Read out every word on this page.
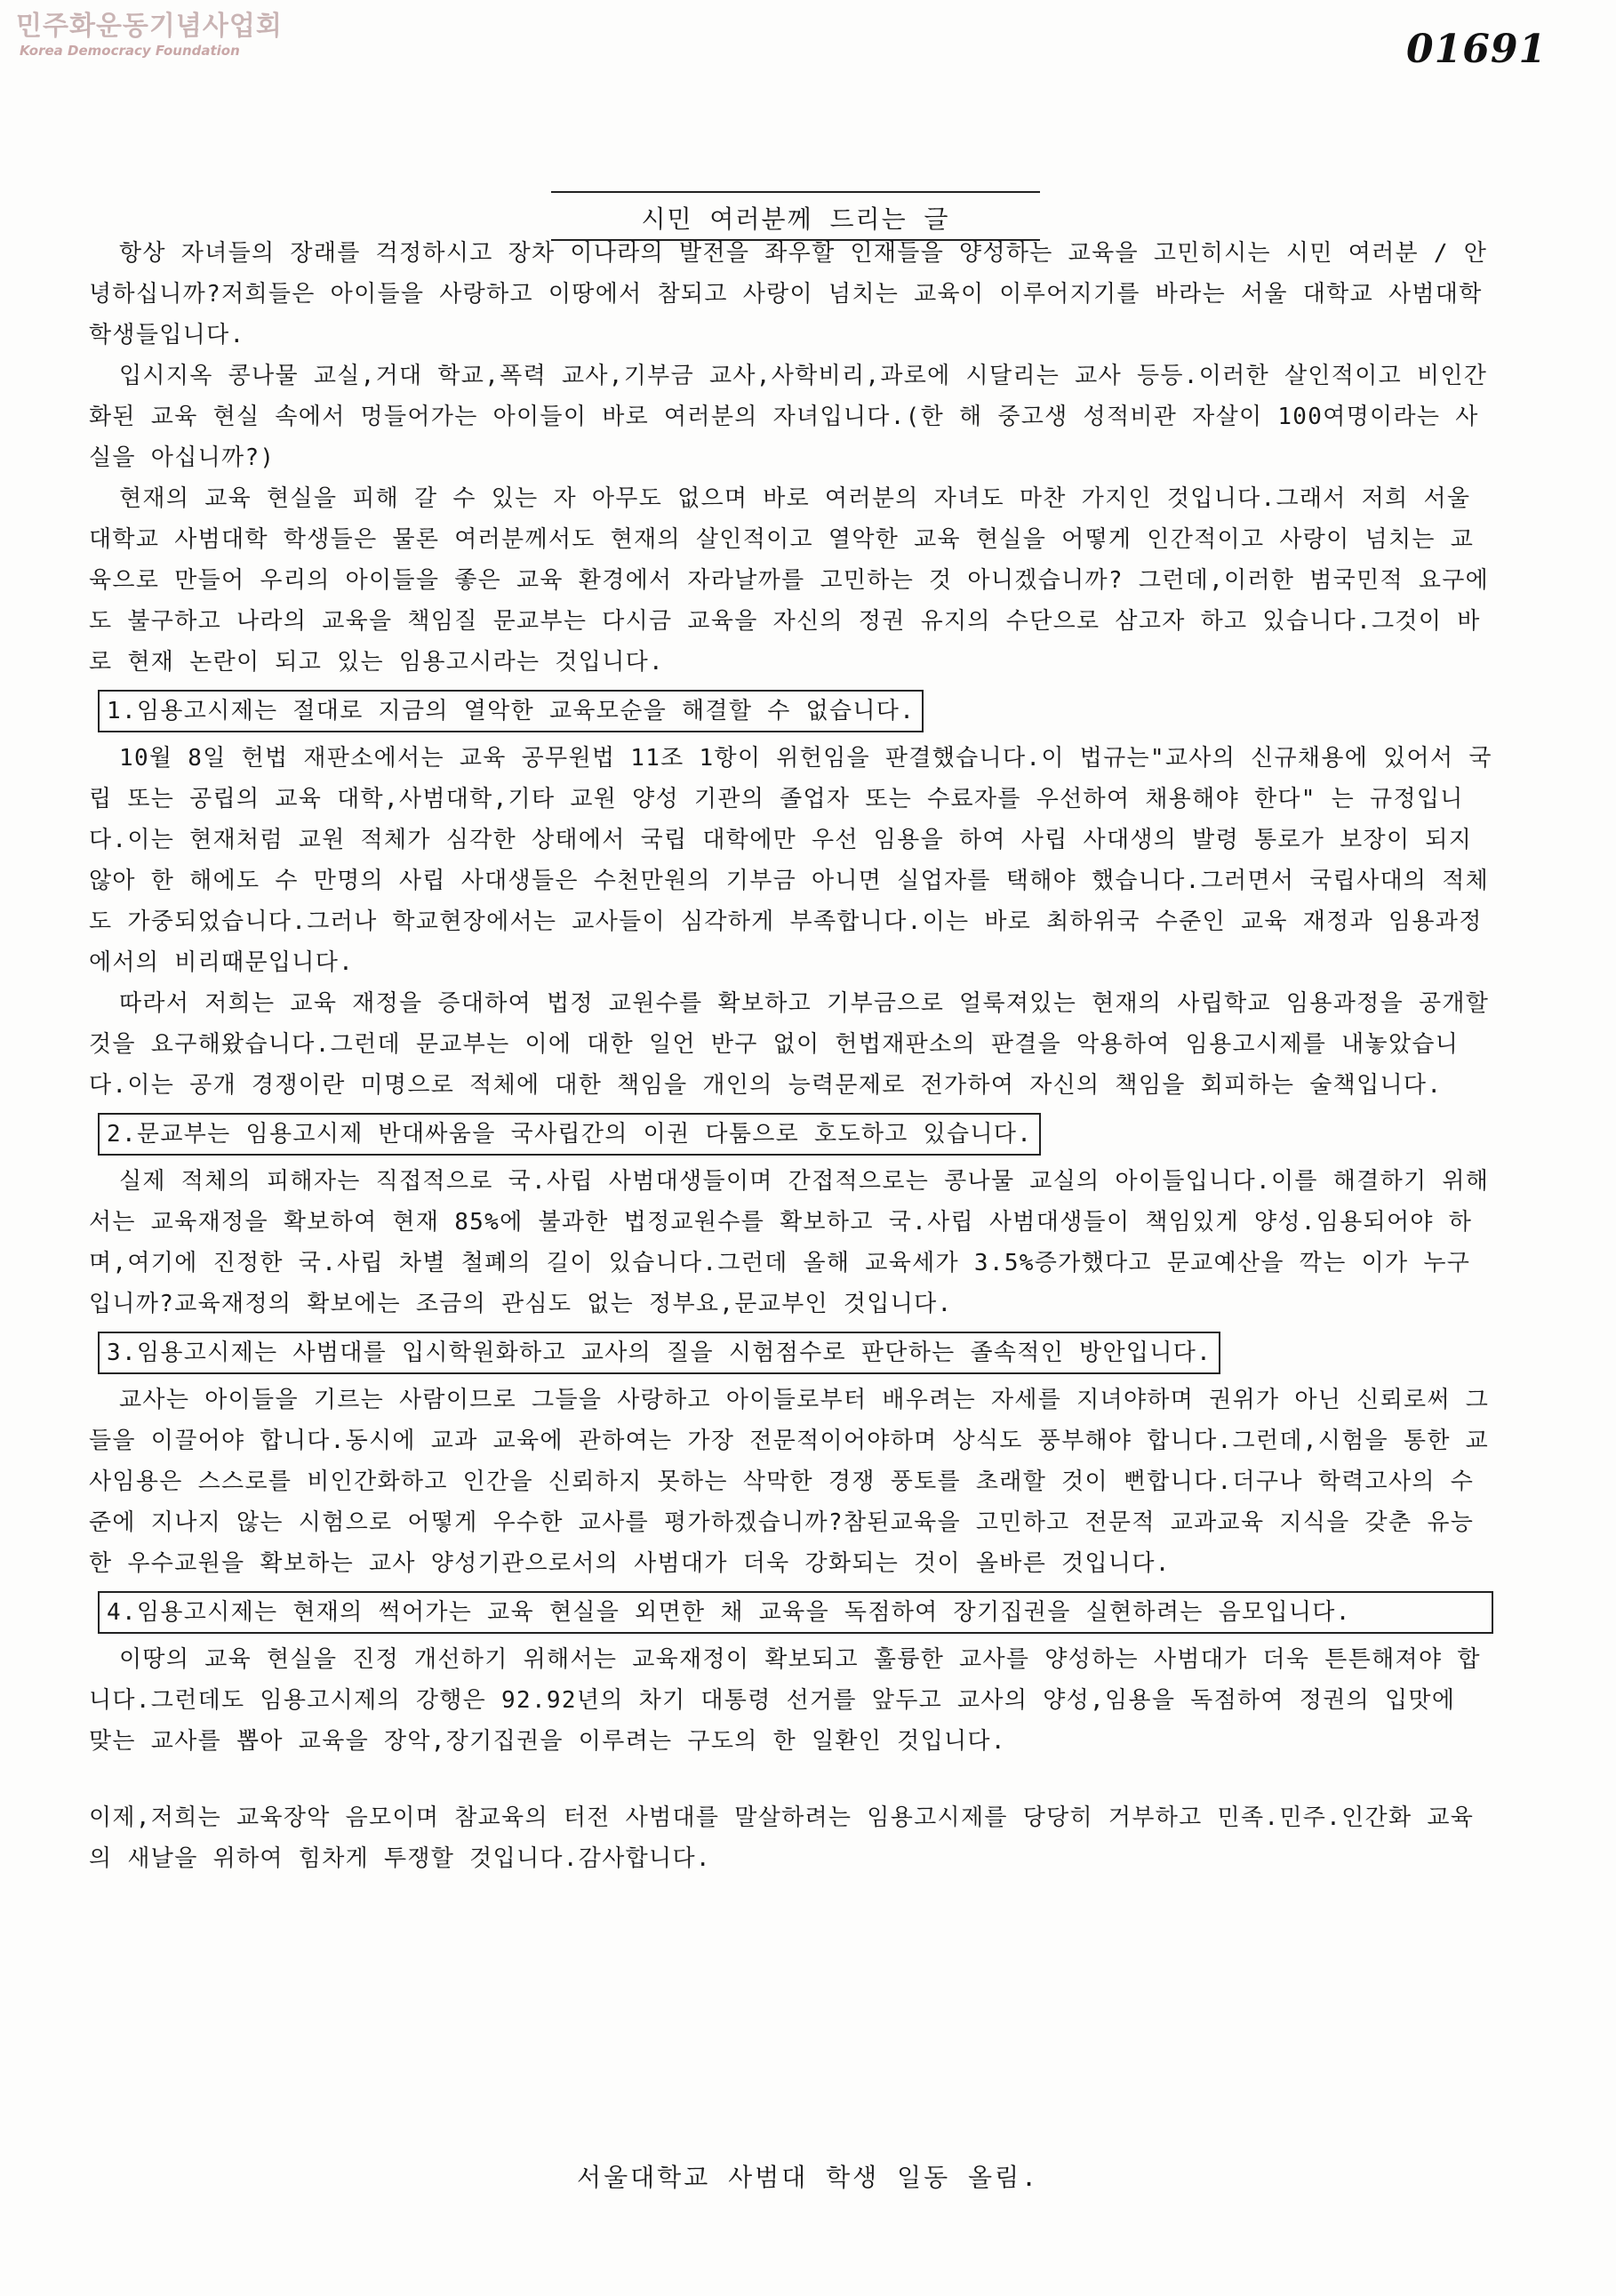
민주화운동기념사업회
Korea Democracy Foundation	01691
시민 여러분께 드리는 글

항상 자녀들의 장래를 걱정하시고 장차 이나라의 발전을 좌우할 인재들을 양성하는 교육을 고민히시는 시민 여러분 / 안녕하십니까?저희들은 아이들을 사랑하고 이땅에서 참되고 사랑이 넘치는 교육이 이루어지기를 바라는 서울 대학교 사범대학 학생들입니다.

입시지옥 콩나물 교실,거대 학교,폭력 교사,기부금 교사,사학비리,과로에 시달리는 교사 등등.이러한 살인적이고 비인간화된 교육 현실 속에서 멍들어가는 아이들이 바로 여러분의 자녀입니다.(한 해 중고생 성적비관 자살이 100여명이라는 사실을 아십니까?)

현재의 교육 현실을 피해 갈 수 있는 자 아무도 없으며 바로 여러분의 자녀도 마찬 가지인 것입니다.그래서 저희 서울대학교 사범대학 학생들은 물론 여러분께서도 현재의 살인적이고 열악한 교육 현실을 어떻게 인간적이고 사랑이 넘치는 교육으로 만들어 우리의 아이들을 좋은 교육 환경에서 자라날까를 고민하는 것 아니겠습니까? 그런데,이러한 범국민적 요구에도 불구하고 나라의 교육을 책임질 문교부는 다시금 교육을 자신의 정권 유지의 수단으로 삼고자 하고 있습니다.그것이 바로 현재 논란이 되고 있는 임용고시라는 것입니다.

1.임용고시제는 절대로 지금의 열악한 교육모순을 해결할 수 없습니다.

10월 8일 헌법 재판소에서는 교육 공무원법 11조 1항이 위헌임을 판결했습니다.이 법규는"교사의 신규채용에 있어서 국립 또는 공립의 교육 대학,사범대학,기타 교원 양성 기관의 졸업자 또는 수료자를 우선하여 채용해야 한다" 는 규정입니다.이는 현재처럼 교원 적체가 심각한 상태에서 국립 대학에만 우선 임용을 하여 사립 사대생의 발령 통로가 보장이 되지 않아 한 해에도 수 만명의 사립 사대생들은 수천만원의 기부금 아니면 실업자를 택해야 했습니다.그러면서 국립사대의 적체도 가중되었습니다.그러나 학교현장에서는 교사들이 심각하게 부족합니다.이는 바로 최하위국 수준인 교육 재정과 임용과정에서의 비리때문입니다.

따라서 저희는 교육 재정을 증대하여 법정 교원수를 확보하고 기부금으로 얼룩져있는 현재의 사립학교 임용과정을 공개할 것을 요구해왔습니다.그런데 문교부는 이에 대한 일언 반구 없이 헌법재판소의 판결을 악용하여 임용고시제를 내놓았습니다.이는 공개 경쟁이란 미명으로 적체에 대한 책임을 개인의 능력문제로 전가하여 자신의 책임을 회피하는 술책입니다.

2.문교부는 임용고시제 반대싸움을 국사립간의 이권 다툼으로 호도하고 있습니다.

실제 적체의 피해자는 직접적으로 국.사립 사범대생들이며 간접적으로는 콩나물 교실의 아이들입니다.이를 해결하기 위해서는 교육재정을 확보하여 현재 85%에 불과한 법정교원수를 확보하고 국.사립 사범대생들이 책임있게 양성.임용되어야 하며,여기에 진정한 국.사립 차별 철폐의 길이 있습니다.그런데 올해 교육세가 3.5%증가했다고 문교예산을 깍는 이가 누구입니까?교육재정의 확보에는 조금의 관심도 없는 정부요,문교부인 것입니다.

3.임용고시제는 사범대를 입시학원화하고 교사의 질을 시험점수로 판단하는 졸속적인 방안입니다.

교사는 아이들을 기르는 사람이므로 그들을 사랑하고 아이들로부터 배우려는 자세를 지녀야하며 권위가 아닌 신뢰로써 그들을 이끌어야 합니다.동시에 교과 교육에 관하여는 가장 전문적이어야하며 상식도 풍부해야 합니다.그런데,시험을 통한 교사임용은 스스로를 비인간화하고 인간을 신뢰하지 못하는 삭막한 경쟁 풍토를 초래할 것이 뻔합니다.더구나 학력고사의 수준에 지나지 않는 시험으로 어떻게 우수한 교사를 평가하겠습니까?참된교육을 고민하고 전문적 교과교육 지식을 갖춘 유능한 우수교원을 확보하는 교사 양성기관으로서의 사범대가 더욱 강화되는 것이 올바른 것입니다.

4.임용고시제는 현재의 썩어가는 교육 현실을 외면한 채 교육을 독점하여 장기집권을 실현하려는 음모입니다.

이땅의 교육 현실을 진정 개선하기 위해서는 교육재정이 확보되고 훌륭한 교사를 양성하는 사범대가 더욱 튼튼해져야 합니다.그런데도 임용고시제의 강행은 92.92년의 차기 대통령 선거를 앞두고 교사의 양성,임용을 독점하여 정권의 입맛에 맞는 교사를 뽑아 교육을 장악,장기집권을 이루려는 구도의 한 일환인 것입니다.

이제,저희는 교육장악 음모이며 참교육의 터전 사범대를 말살하려는 임용고시제를 당당히 거부하고 민족.민주.인간화 교육의 새날을 위하여 힘차게 투쟁할 것입니다.감사합니다.

서울대학교 사범대 학생 일동 올림.
